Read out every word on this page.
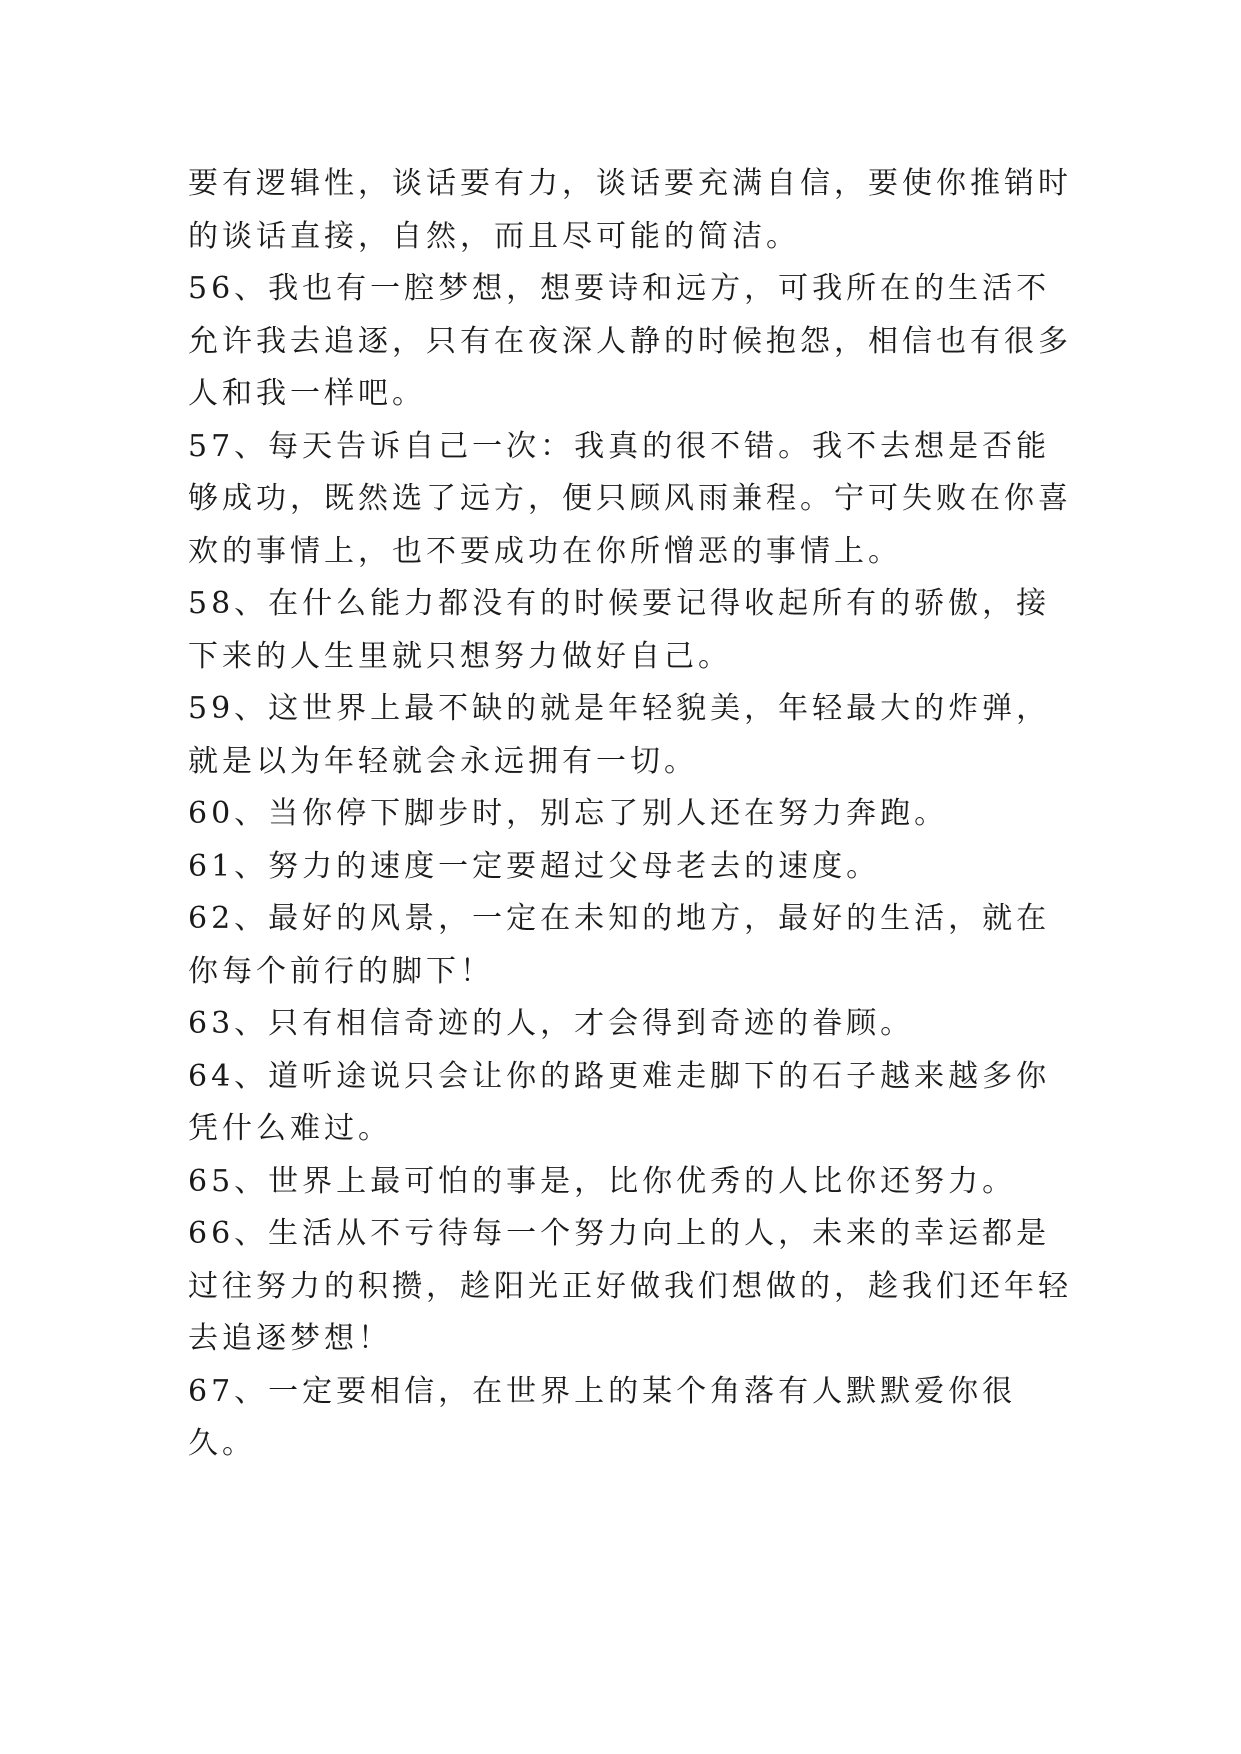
要有逻辑性，谈话要有力，谈话要充满自信，要使你推销时的谈话直接，自然，而且尽可能的简洁。

56、我也有一腔梦想，想要诗和远方，可我所在的生活不允许我去追逐，只有在夜深人静的时候抱怨，相信也有很多人和我一样吧。

57、每天告诉自己一次：我真的很不错。我不去想是否能够成功，既然选了远方，便只顾风雨兼程。宁可失败在你喜欢的事情上，也不要成功在你所憎恶的事情上。

58、在什么能力都没有的时候要记得收起所有的骄傲，接下来的人生里就只想努力做好自己。

59、这世界上最不缺的就是年轻貌美，年轻最大的炸弹，就是以为年轻就会永远拥有一切。

60、当你停下脚步时，别忘了别人还在努力奔跑。

61、努力的速度一定要超过父母老去的速度。

62、最好的风景，一定在未知的地方，最好的生活，就在你每个前行的脚下！

63、只有相信奇迹的人，才会得到奇迹的眷顾。

64、道听途说只会让你的路更难走脚下的石子越来越多你凭什么难过。

65、世界上最可怕的事是，比你优秀的人比你还努力。

66、生活从不亏待每一个努力向上的人，未来的幸运都是过往努力的积攒，趁阳光正好做我们想做的，趁我们还年轻去追逐梦想！

67、一定要相信，在世界上的某个角落有人默默爱你很久。
